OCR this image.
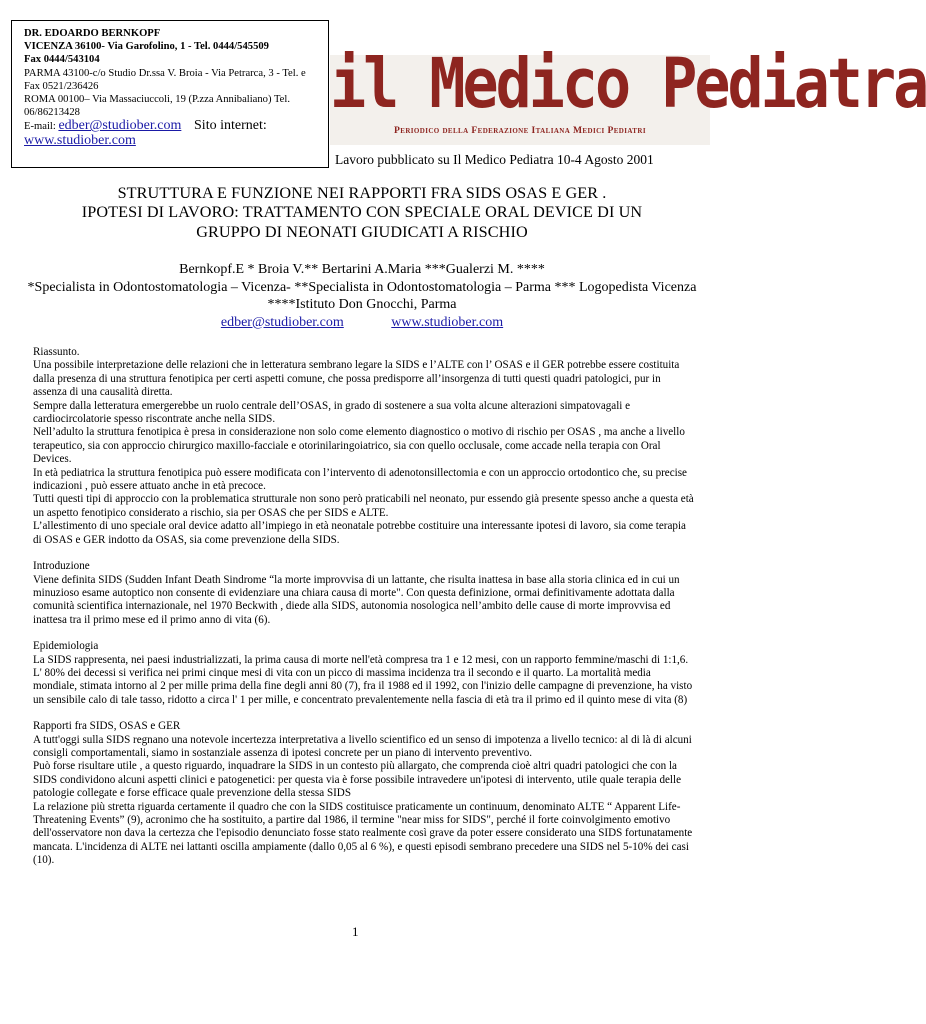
DR. EDOARDO BERNKOPF
VICENZA 36100- Via Garofolino, 1 - Tel. 0444/545509
Fax 0444/543104
PARMA 43100-c/o Studio Dr.ssa V. Broia - Via Petrarca, 3 - Tel. e Fax 0521/236426
ROMA 00100– Via Massaciuccoli, 19 (P.zza Annibaliano) Tel. 06/86213428
E-mail: edber@studiober.com Sito internet:
www.studiober.com
il Medico Pediatra
Periodico della Federazione Italiana Medici Pediatri
Lavoro pubblicato su Il Medico Pediatra 10-4 Agosto 2001
STRUTTURA E FUNZIONE NEI RAPPORTI FRA SIDS OSAS E GER .
IPOTESI DI LAVORO: TRATTAMENTO CON SPECIALE ORAL DEVICE DI UN
GRUPPO DI NEONATI GIUDICATI A RISCHIO
Bernkopf.E * Broia V.** Bertarini A.Maria ***Gualerzi M. ****
*Specialista in Odontostomatologia – Vicenza- **Specialista in Odontostomatologia – Parma *** Logopedista Vicenza ****Istituto Don Gnocchi, Parma
edber@studiober.com	www.studiober.com

Riassunto.

Una possibile interpretazione delle relazioni che in letteratura sembrano legare la SIDS e l’ALTE con l’ OSAS e il GER potrebbe essere costituita dalla presenza di una struttura fenotipica per certi aspetti comune, che possa predisporre all’insorgenza di tutti questi quadri patologici, pur in assenza di una causalità diretta.

Sempre dalla letteratura emergerebbe un ruolo centrale dell’OSAS, in grado di sostenere a sua volta alcune alterazioni simpatovagali e cardiocircolatorie spesso riscontrate anche nella SIDS.

Nell’adulto la struttura fenotipica è presa in considerazione non solo come elemento diagnostico o motivo di rischio per OSAS , ma anche a livello terapeutico, sia con approccio chirurgico maxillo-facciale e otorinilaringoiatrico, sia con quello occlusale, come accade nella terapia con Oral Devices.

In età pediatrica la struttura fenotipica può essere modificata con l’intervento di adenotonsillectomia e con un approccio ortodontico che, su precise indicazioni , può essere attuato anche in età precoce.

Tutti questi tipi di approccio con la problematica strutturale non sono però praticabili nel neonato, pur essendo già presente spesso anche a questa età un aspetto fenotipico considerato a rischio, sia per OSAS che per SIDS e ALTE.

L’allestimento di uno speciale oral device adatto all’impiego in età neonatale potrebbe costituire una interessante ipotesi di lavoro, sia come terapia di OSAS e GER indotto da OSAS, sia come prevenzione della SIDS.

Introduzione

Viene definita SIDS (Sudden Infant Death Sindrome “la morte improvvisa di un lattante, che risulta inattesa in base alla storia clinica ed in cui un minuzioso esame autoptico non consente di evidenziare una chiara causa di morte". Con questa definizione, ormai definitivamente adottata dalla comunità scientifica internazionale, nel 1970 Beckwith , diede alla SIDS, autonomia nosologica nell’ambito delle cause di morte improvvisa ed inattesa tra il primo mese ed il primo anno di vita (6).

Epidemiologia

La SIDS rappresenta, nei paesi industrializzati, la prima causa di morte nell'età compresa tra 1 e 12 mesi, con un rapporto femmine/maschi di 1:1,6. L' 80% dei decessi si verifica nei primi cinque mesi di vita con un picco di massima incidenza tra il secondo e il quarto. La mortalità media mondiale, stimata intorno al 2 per mille prima della fine degli anni 80 (7), fra il 1988 ed il 1992, con l'inizio delle campagne di prevenzione, ha visto un sensibile calo di tale tasso, ridotto a circa l' 1 per mille, e concentrato prevalentemente nella fascia di età tra il primo ed il quinto mese di vita (8)

Rapporti fra SIDS, OSAS e GER

A tutt'oggi sulla SIDS regnano una notevole incertezza interpretativa a livello scientifico ed un senso di impotenza a livello tecnico: al di là di alcuni consigli comportamentali, siamo in sostanziale assenza di ipotesi concrete per un piano di intervento preventivo.

Può forse risultare utile , a questo riguardo, inquadrare la SIDS in un contesto più allargato, che comprenda cioè altri quadri patologici che con la SIDS condividono alcuni aspetti clinici e patogenetici: per questa via è forse possibile intravedere un'ipotesi di intervento, utile quale terapia delle patologie collegate e forse efficace quale prevenzione della stessa SIDS

La relazione più stretta riguarda certamente il quadro che con la SIDS costituisce praticamente un continuum, denominato ALTE “ Apparent Life-Threatening Events” (9), acronimo che ha sostituito, a partire dal 1986, il termine "near miss for SIDS", perché il forte coinvolgimento emotivo dell'osservatore non dava la certezza che l'episodio denunciato fosse stato realmente così grave da poter essere considerato una SIDS fortunatamente mancata. L'incidenza di ALTE nei lattanti oscilla ampiamente (dallo 0,05 al 6 %), e questi episodi sembrano precedere una SIDS nel 5-10% dei casi (10).

1
